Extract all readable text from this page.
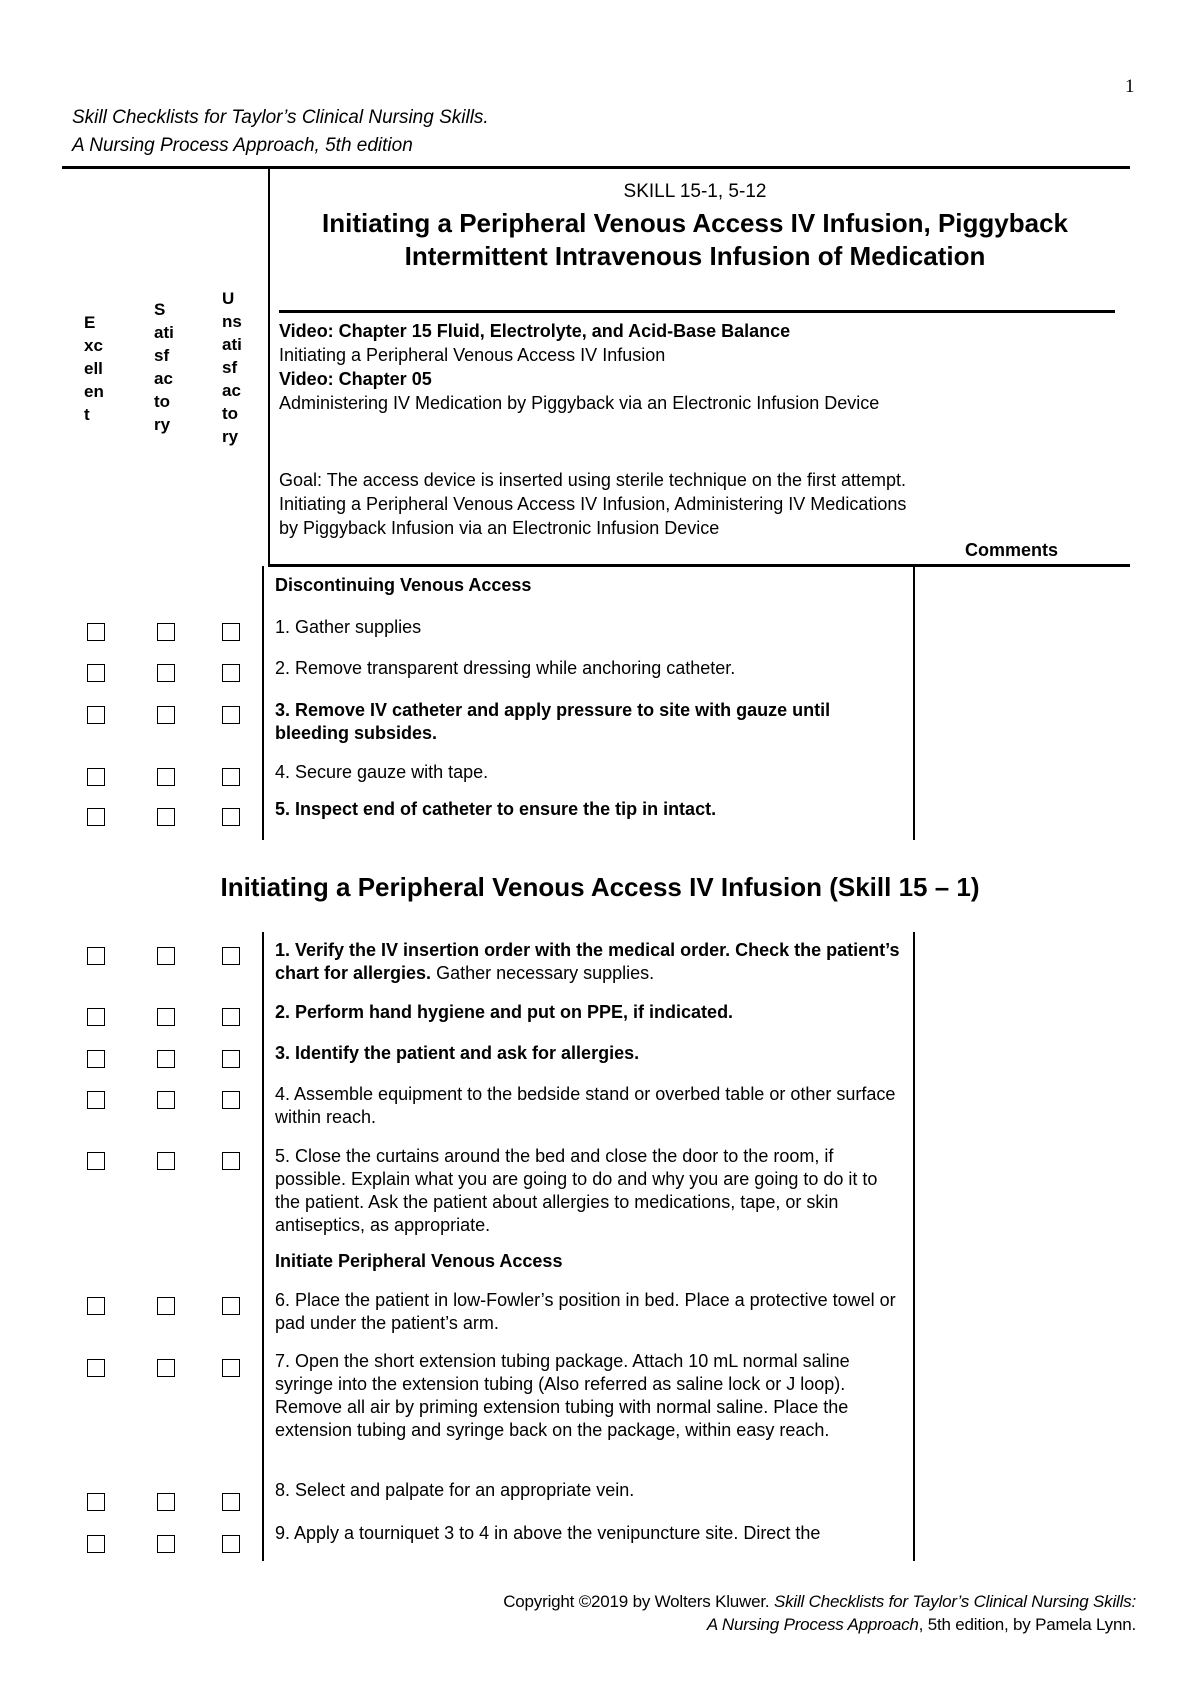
1
Skill Checklists for Taylor’s Clinical Nursing Skills.
A Nursing Process Approach, 5th edition
E
xc
ell
en
t
S
ati
sf
ac
to
ry
U
ns
ati
sf
ac
to
ry
SKILL 15-1, 5-12
Initiating a Peripheral Venous Access IV Infusion, Piggyback
Intermittent Intravenous Infusion of Medication
Video: Chapter 15 Fluid, Electrolyte, and Acid-Base Balance
Initiating a Peripheral Venous Access IV Infusion
Video: Chapter 05
Administering IV Medication by Piggyback via an Electronic Infusion Device
Goal: The access device is inserted using sterile technique on the first attempt. Initiating a Peripheral Venous Access IV Infusion, Administering IV Medications by Piggyback Infusion via an Electronic Infusion Device
Comments
Discontinuing Venous Access
1. Gather supplies
2. Remove transparent dressing while anchoring catheter.
3. Remove IV catheter and apply pressure to site with gauze until bleeding subsides.
4. Secure gauze with tape.
5. Inspect end of catheter to ensure the tip in intact.
Initiating a Peripheral Venous Access IV Infusion (Skill 15 – 1)
1. Verify the IV insertion order with the medical order. Check the patient’s chart for allergies. Gather necessary supplies.
2. Perform hand hygiene and put on PPE, if indicated.
3. Identify the patient and ask for allergies.
4. Assemble equipment to the bedside stand or overbed table or other surface within reach.
5. Close the curtains around the bed and close the door to the room, if possible. Explain what you are going to do and why you are going to do it to the patient. Ask the patient about allergies to medications, tape, or skin antiseptics, as appropriate.
Initiate Peripheral Venous Access
6. Place the patient in low-Fowler’s position in bed. Place a protective towel or pad under the patient’s arm.
7. Open the short extension tubing package. Attach 10 mL normal saline syringe into the extension tubing (Also referred as saline lock or J loop). Remove all air by priming extension tubing with normal saline. Place the extension tubing and syringe back on the package, within easy reach.
8. Select and palpate for an appropriate vein.
9. Apply a tourniquet 3 to 4 in above the venipuncture site. Direct the
Copyright ©2019 by Wolters Kluwer. Skill Checklists for Taylor’s Clinical Nursing Skills:
A Nursing Process Approach, 5th edition, by Pamela Lynn.
